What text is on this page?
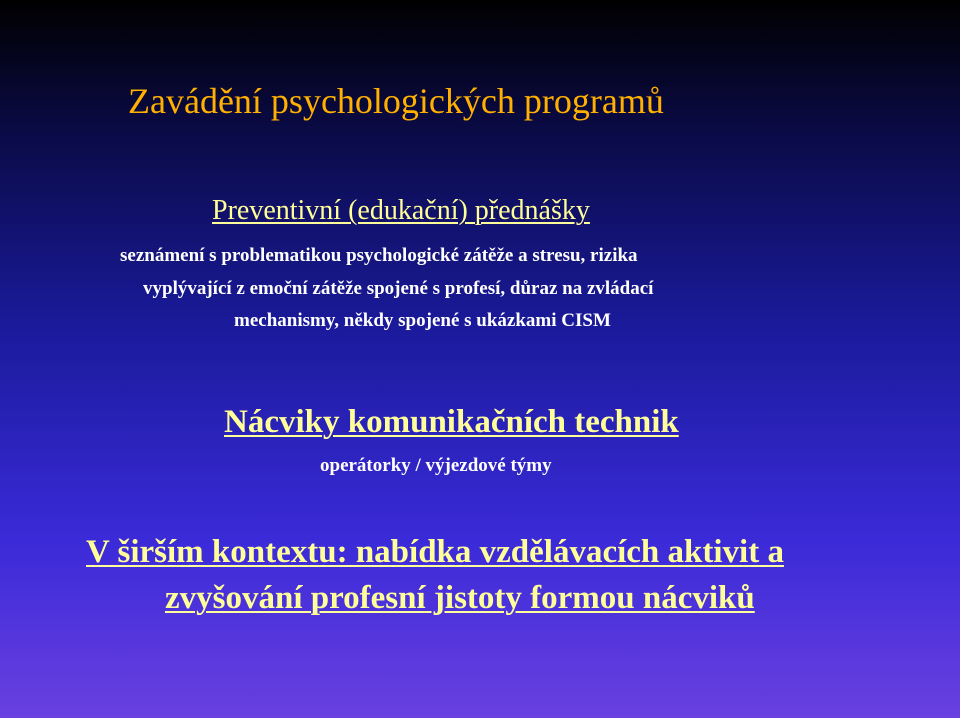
Zavádění psychologických programů
Preventivní (edukační) přednášky
seznámení s problematikou psychologické zátěže a stresu, rizika
vyplývající z emoční zátěže spojené s profesí, důraz na zvládací
mechanismy, někdy spojené s ukázkami CISM
Nácviky komunikačních technik
operátorky / výjezdové týmy
V širším kontextu: nabídka vzdělávacích aktivit a
zvyšování profesní jistoty formou nácviků
